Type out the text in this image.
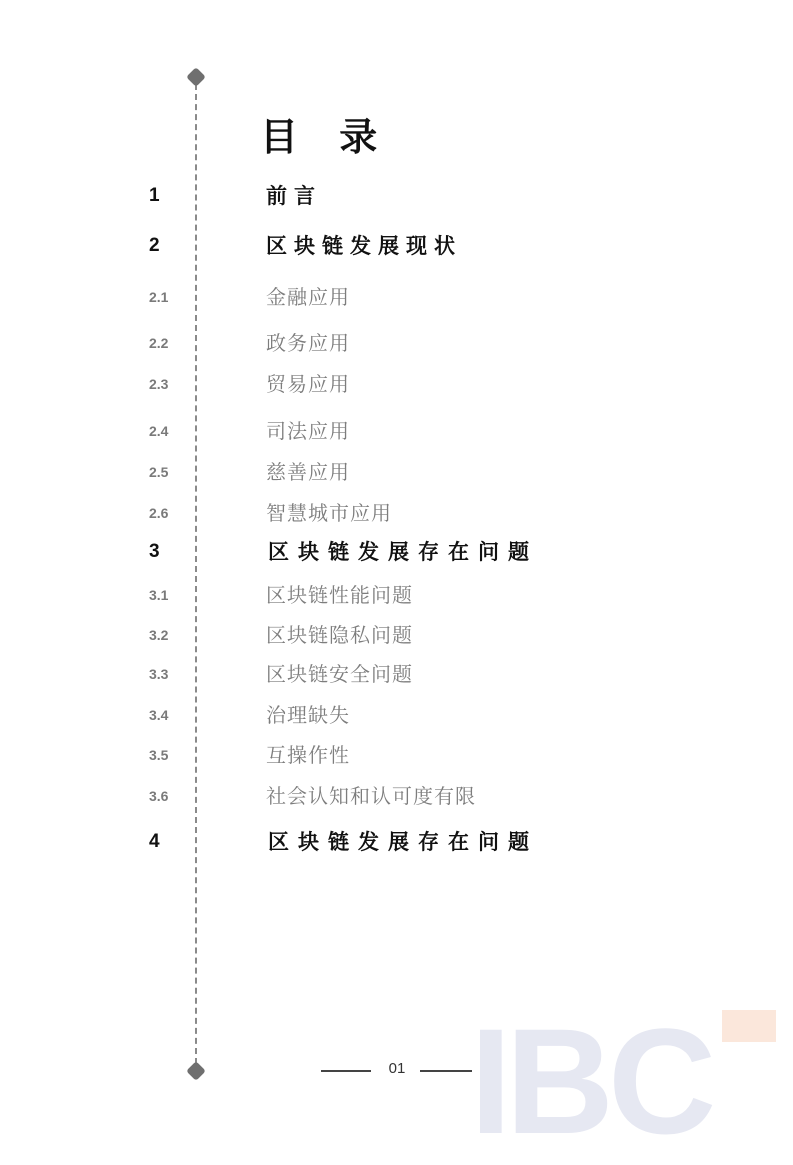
目 录
1	前言
2	区块链发展现状
2.1	金融应用
2.2	政务应用
2.3	贸易应用
2.4	司法应用
2.5	慈善应用
2.6	智慧城市应用
3	区块链发展存在问题
3.1	区块链性能问题
3.2	区块链隐私问题
3.3	区块链安全问题
3.4	治理缺失
3.5	互操作性
3.6	社会认知和认可度有限
4	区块链发展存在问题
01 IBC
